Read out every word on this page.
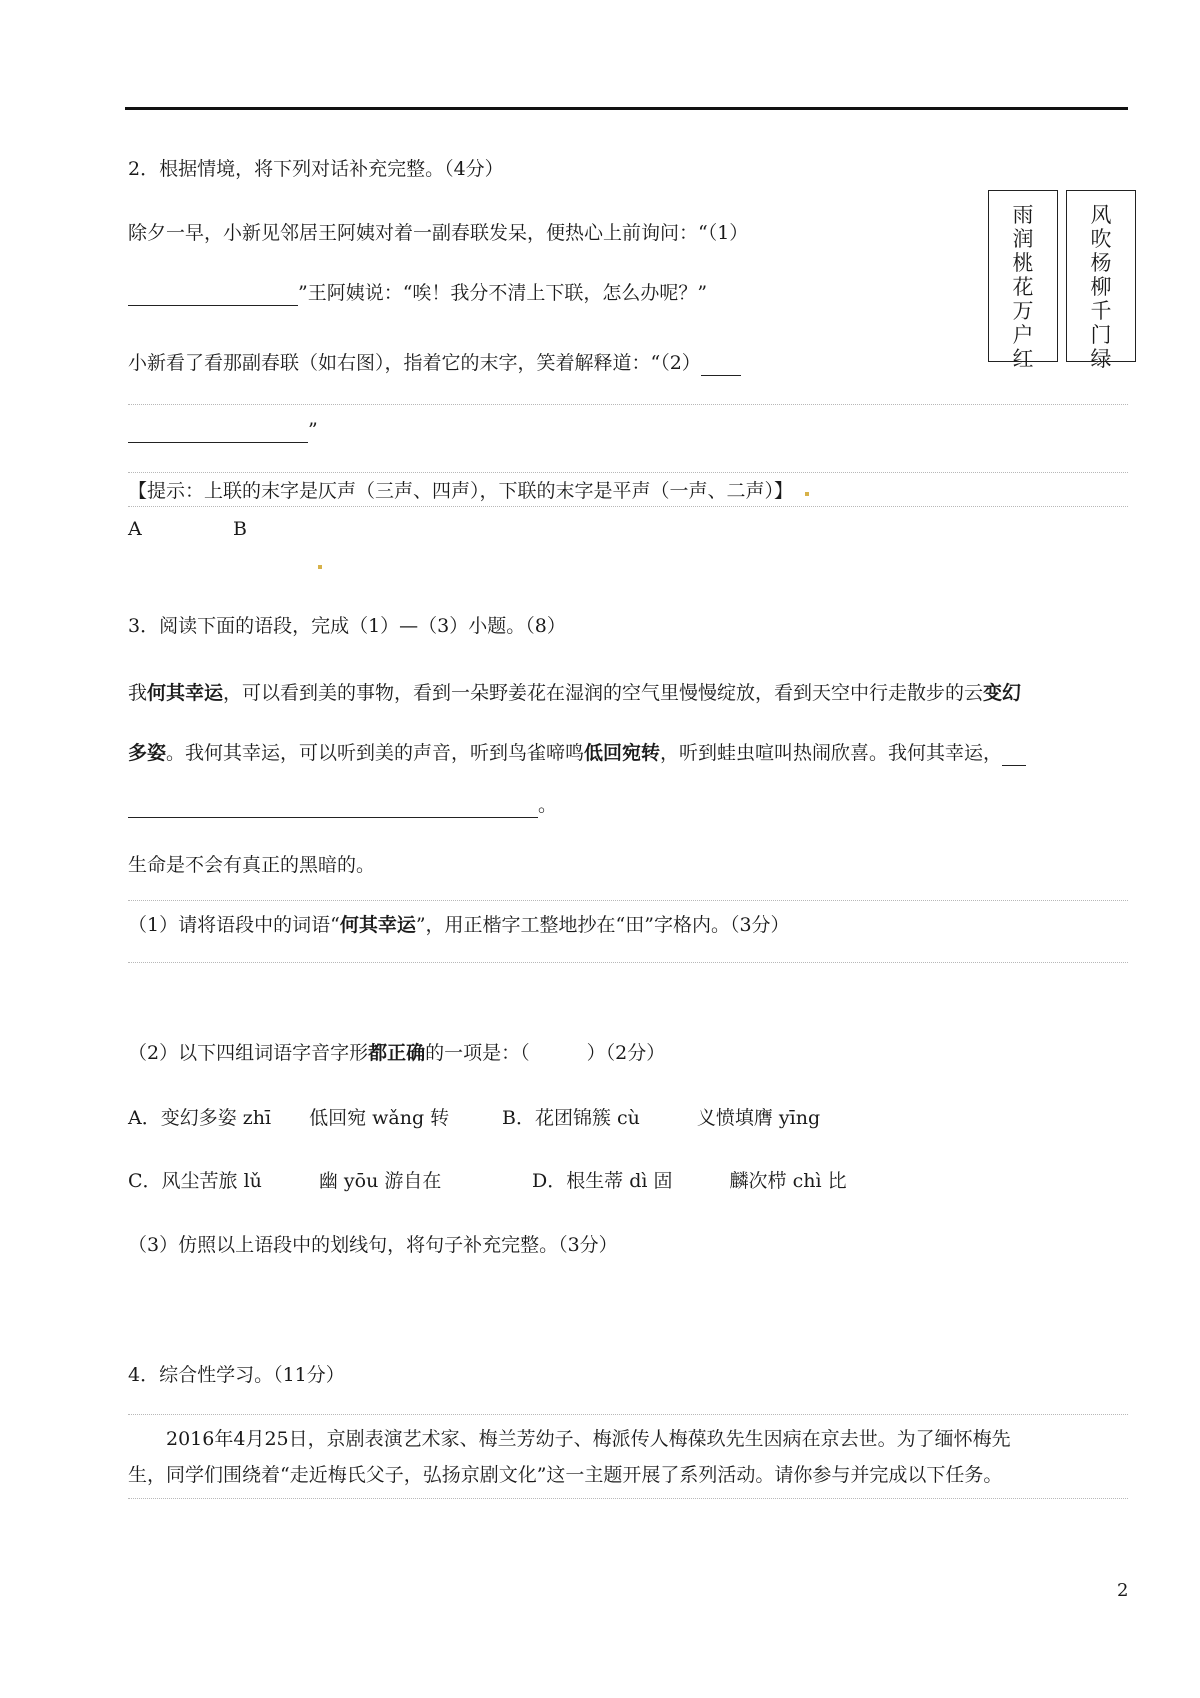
2．根据情境，将下列对话补充完整。（4分）
除夕一早，小新见邻居王阿姨对着一副春联发呆，便热心上前询问：“（1）
”王阿姨说：“唉！我分不清上下联，怎么办呢？”
小新看了看那副春联（如右图），指着它的末字，笑着解释道：“（2）
”
【提示：上联的末字是仄声（三声、四声），下联的末字是平声（一声、二声）】
A	B
雨
润
桃
花
万
户
红
风
吹
杨
柳
千
门
绿
3．阅读下面的语段，完成（1）—（3）小题。（8）
我何其幸运，可以看到美的事物，看到一朵野姜花在湿润的空气里慢慢绽放，看到天空中行走散步的云变幻
多姿。我何其幸运，可以听到美的声音，听到鸟雀啼鸣低回宛转，听到蛙虫喧叫热闹欣喜。我何其幸运，
。
生命是不会有真正的黑暗的。
（1）请将语段中的词语“何其幸运”，用正楷字工整地抄在“田”字格内。（3分）
（2）以下四组词语字音字形都正确的一项是：（　　　）（2分）
A．变幻多姿 zhī　　低回宛 wǎng 转	B．花团锦簇 cù　　　义愤填膺 yīng
C．风尘苦旅 lǔ　　　幽 yōu 游自在	D．根生蒂 dì 固　　　麟次栉 chì 比
（3）仿照以上语段中的划线句，将句子补充完整。（3分）
4．综合性学习。（11分）
　　2016年4月25日，京剧表演艺术家、梅兰芳幼子、梅派传人梅葆玖先生因病在京去世。为了缅怀梅先
生，同学们围绕着“走近梅氏父子，弘扬京剧文化”这一主题开展了系列活动。请你参与并完成以下任务。
2
